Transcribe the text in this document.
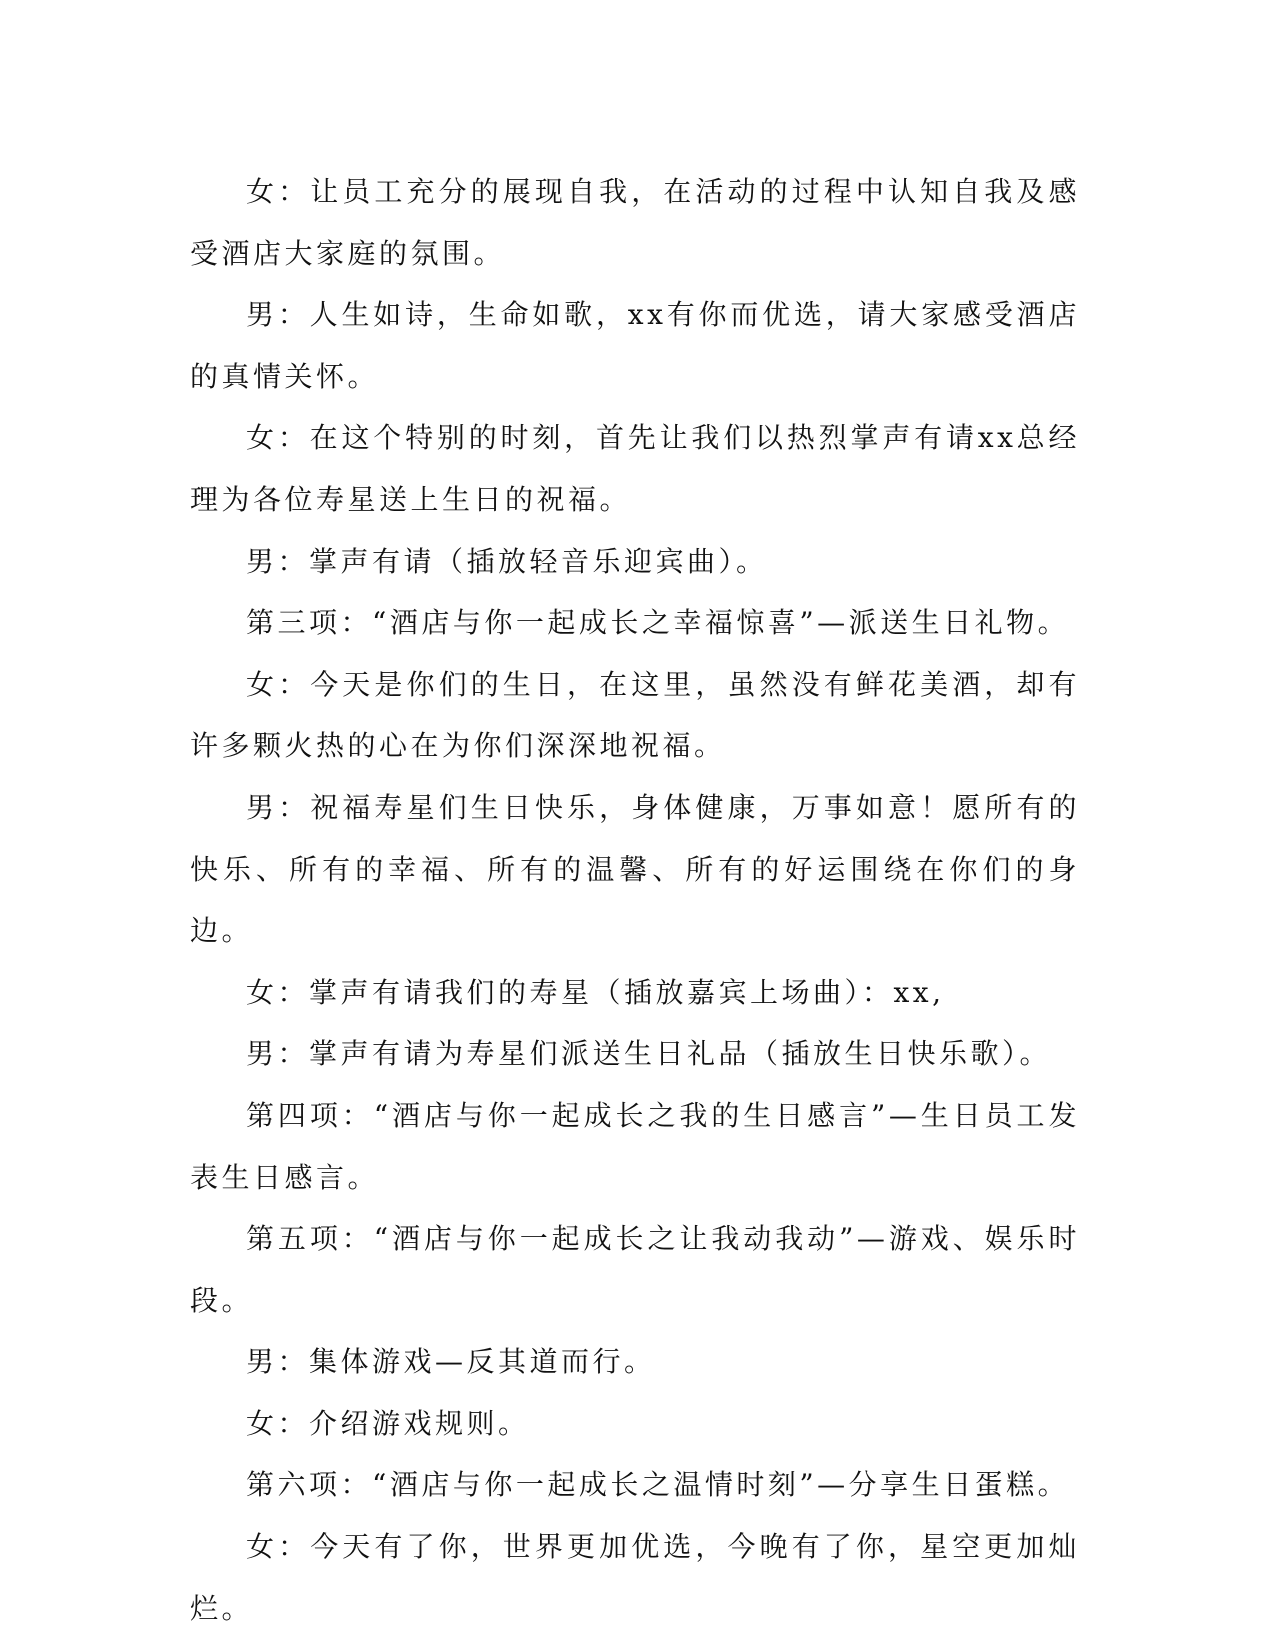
女：让员工充分的展现自我，在活动的过程中认知自我及感受酒店大家庭的氛围。

男：人生如诗，生命如歌，xx有你而优选，请大家感受酒店的真情关怀。

女：在这个特别的时刻，首先让我们以热烈掌声有请xx总经理为各位寿星送上生日的祝福。

男：掌声有请（插放轻音乐迎宾曲）。

第三项：“酒店与你一起成长之幸福惊喜”—派送生日礼物。

女：今天是你们的生日，在这里，虽然没有鲜花美酒，却有许多颗火热的心在为你们深深地祝福。

男：祝福寿星们生日快乐，身体健康，万事如意！愿所有的快乐、所有的幸福、所有的温馨、所有的好运围绕在你们的身边。

女：掌声有请我们的寿星（插放嘉宾上场曲）：xx,

男：掌声有请为寿星们派送生日礼品（插放生日快乐歌）。

第四项：“酒店与你一起成长之我的生日感言”—生日员工发表生日感言。

第五项：“酒店与你一起成长之让我动我动”—游戏、娱乐时段。

男：集体游戏—反其道而行。

女：介绍游戏规则。

第六项：“酒店与你一起成长之温情时刻”—分享生日蛋糕。

女：今天有了你，世界更加优选，今晚有了你，星空更加灿烂。
